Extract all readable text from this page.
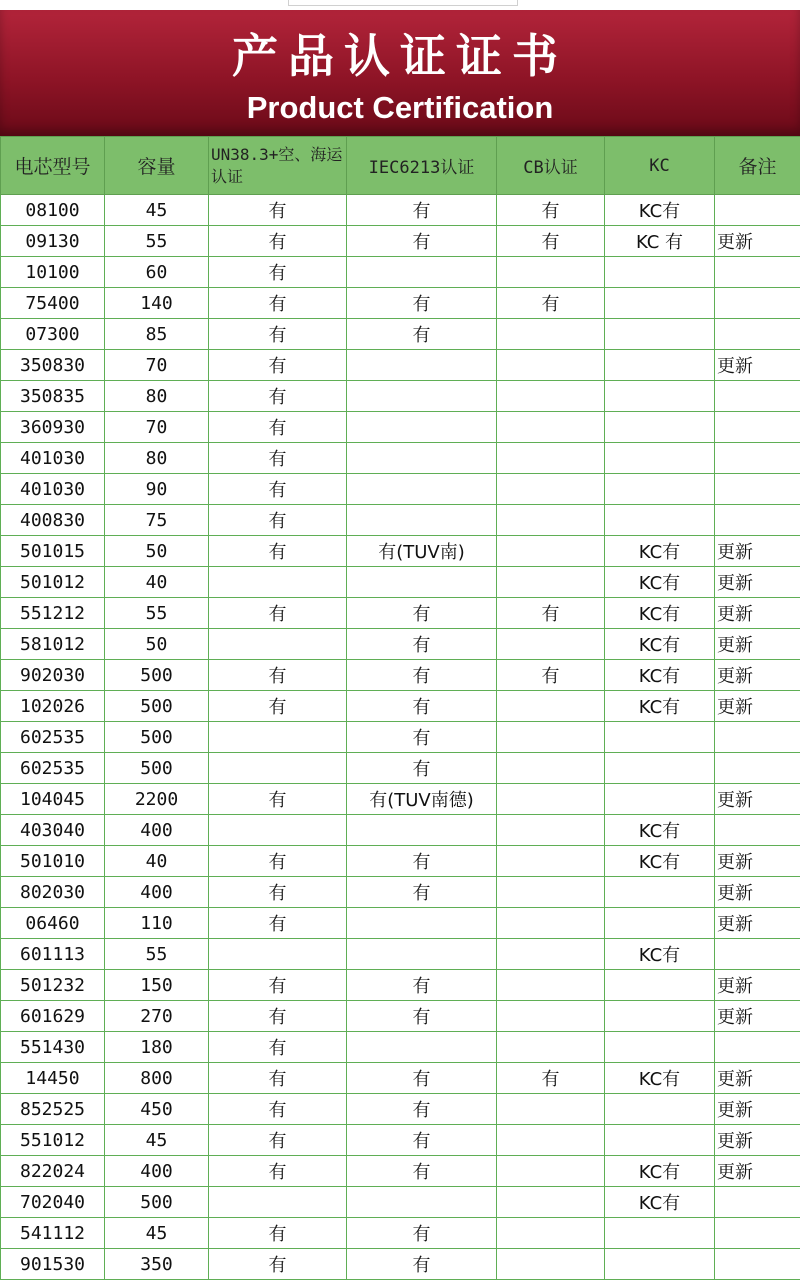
产品认证证书
Product Certification
电芯型号	容量	UN38.3+空、海运认证	IEC6213认证	CB认证	KC	备注
08100	45	有	有	有	KC有	
09130	55	有	有	有	KC 有	更新
10100	60	有				
75400	140	有	有	有		
07300	85	有	有			
350830	70	有				更新
350835	80	有				
360930	70	有				
401030	80	有				
401030	90	有				
400830	75	有				
501015	50	有	有(TUV南)		KC有	更新
501012	40				KC有	更新
551212	55	有	有	有	KC有	更新
581012	50		有		KC有	更新
902030	500	有	有	有	KC有	更新
102026	500	有	有		KC有	更新
602535	500		有			
602535	500		有			
104045	2200	有	有(TUV南德)			更新
403040	400				KC有	
501010	40	有	有		KC有	更新
802030	400	有	有			更新
06460	110	有				更新
601113	55				KC有	
501232	150	有	有			更新
601629	270	有	有			更新
551430	180	有				
14450	800	有	有	有	KC有	更新
852525	450	有	有			更新
551012	45	有	有			更新
822024	400	有	有		KC有	更新
702040	500				KC有	
541112	45	有	有			
901530	350	有	有			
